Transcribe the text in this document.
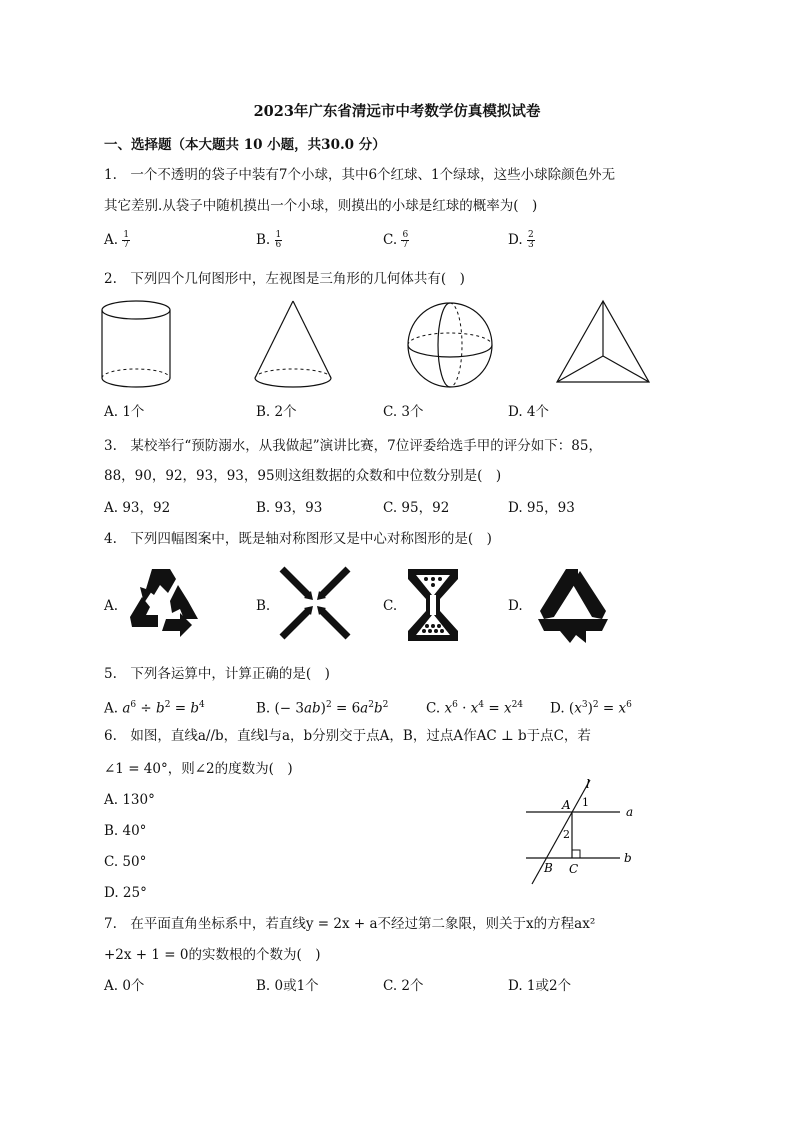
2023年广东省清远市中考数学仿真模拟试卷
一、选择题（本大题共 10 小题，共30.0 分）
1.　一个不透明的袋子中装有7个小球，其中6个红球、1个绿球，这些小球除颜色外无
其它差别.从袋子中随机摸出一个小球，则摸出的小球是红球的概率为(　)
A. $\frac{1}{7}$	B. $\frac{1}{6}$	C. $\frac{6}{7}$	D. $\frac{2}{3}$
2.　下列四个几何图形中，左视图是三角形的几何体共有(　)
A. 1个	B. 2个	C. 3个	D. 4个
3.　某校举行“预防溺水，从我做起”演讲比赛，7位评委给选手甲的评分如下：85，
88，90，92，93，93，95则这组数据的众数和中位数分别是(　)
A. 93，92	B. 93，93	C. 95，92	D. 95，93
4.　下列四幅图案中，既是轴对称图形又是中心对称图形的是(　)
A.	B.	C.	D.
5.　下列各运算中，计算正确的是(　)
A. $a^6 \div b^2 = b^4$	B. (− $3ab)^2 = 6a^2b^2$	C. $x^6 \cdot x^4 = x^{24}$ D. $(x^3)^2 = x^6$
6.　如图，直线a//b，直线l与a，b分别交于点A，B，过点A作AC ⊥ b于点C，若
∠1 = 40°，则∠2的度数为(　)
A. 130°
B. 40°
C. 50°
D. 25°
l
a
b
A 1
2
B C
7.　在平面直角坐标系中，若直线y = 2x + a不经过第二象限，则关于x的方程ax²
+2x + 1 = 0的实数根的个数为(　)
A. 0个	B. 0或1个	C. 2个	D. 1或2个
